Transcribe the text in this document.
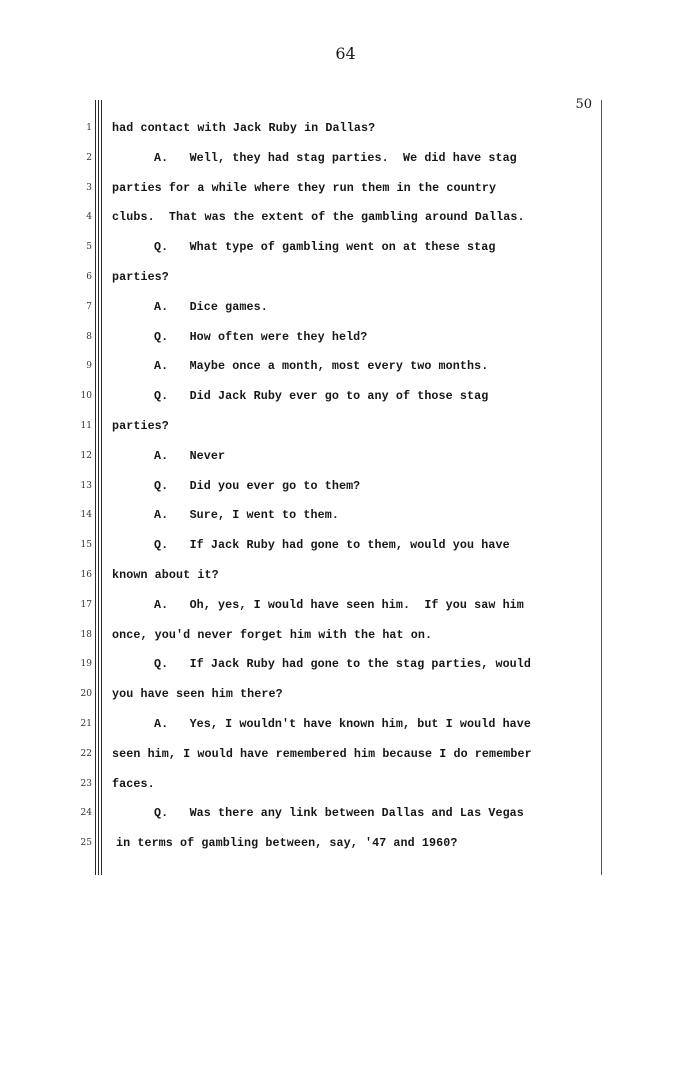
64
50
1 had contact with Jack Ruby in Dallas?
2	A.   Well, they had stag parties.  We did have stag
3 parties for a while where they run them in the country
4 clubs.  That was the extent of the gambling around Dallas.
5	Q.   What type of gambling went on at these stag
6 parties?
7	A.   Dice games.
8	Q.   How often were they held?
9	A.   Maybe once a month, most every two months.
10	Q.   Did Jack Ruby ever go to any of those stag
11 parties?
12	A.   Never
13	Q.   Did you ever go to them?
14	A.   Sure, I went to them.
15	Q.   If Jack Ruby had gone to them, would you have
16 known about it?
17	A.   Oh, yes, I would have seen him.  If you saw him
18 once, you'd never forget him with the hat on.
19	Q.   If Jack Ruby had gone to the stag parties, would
20 you have seen him there?
21	A.   Yes, I wouldn't have known him, but I would have
22 seen him, I would have remembered him because I do remember
23 faces.
24	Q.   Was there any link between Dallas and Las Vegas
25 in terms of gambling between, say, '47 and 1960?
